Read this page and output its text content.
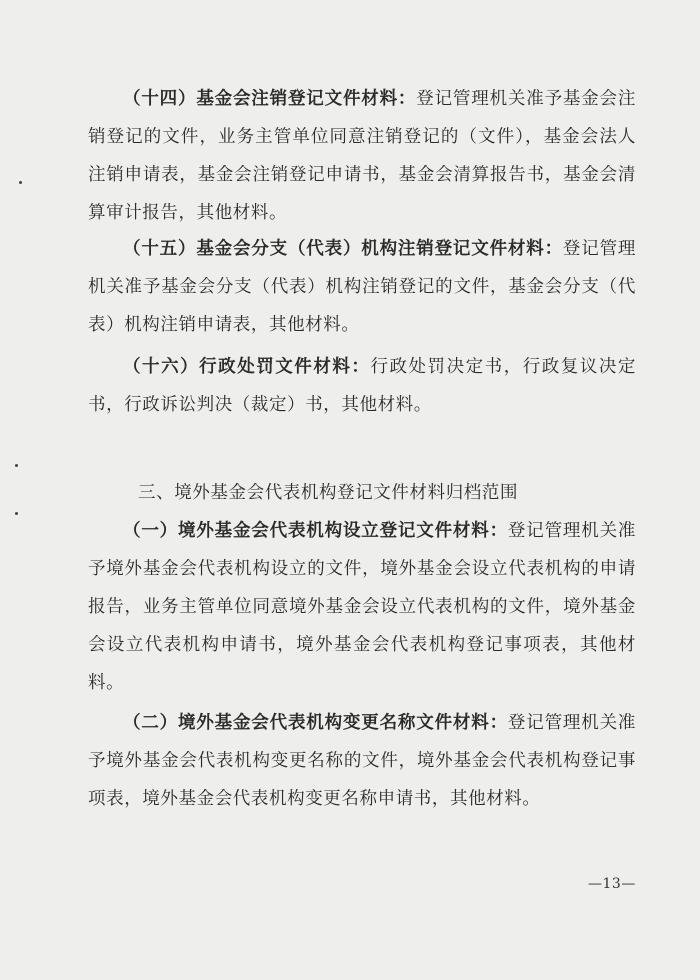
（十四）基金会注销登记文件材料：登记管理机关准予基金会注销登记的文件，业务主管单位同意注销登记的（文件），基金会法人注销申请表，基金会注销登记申请书，基金会清算报告书，基金会清算审计报告，其他材料。

（十五）基金会分支（代表）机构注销登记文件材料：登记管理机关准予基金会分支（代表）机构注销登记的文件，基金会分支（代表）机构注销申请表，其他材料。

（十六）行政处罚文件材料：行政处罚决定书，行政复议决定书，行政诉讼判决（裁定）书，其他材料。

三、境外基金会代表机构登记文件材料归档范围

（一）境外基金会代表机构设立登记文件材料：登记管理机关准予境外基金会代表机构设立的文件，境外基金会设立代表机构的申请报告，业务主管单位同意境外基金会设立代表机构的文件，境外基金会设立代表机构申请书，境外基金会代表机构登记事项表，其他材料。

（二）境外基金会代表机构变更名称文件材料：登记管理机关准予境外基金会代表机构变更名称的文件，境外基金会代表机构登记事项表，境外基金会代表机构变更名称申请书，其他材料。

—13—
